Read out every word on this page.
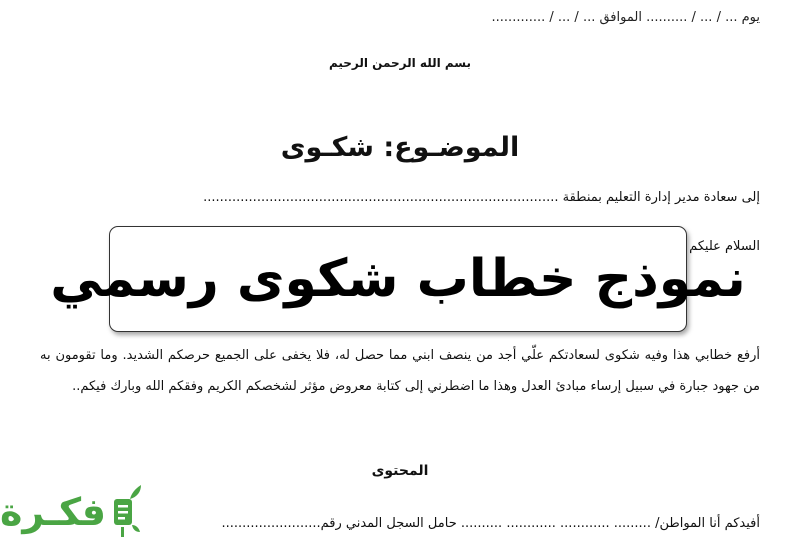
يوم ... / ... / .......... الموافق ... / ... / .............
بسم الله الرحمن الرحيم
الموضـوع: شكـوى
إلى سعادة مدير إدارة التعليم بمنطقة ......................................................................................
السلام عليكم
نموذج خطاب شكوى رسمي
أرفع خطابي هذا وفيه شكوى لسعادتكم علّي أجد من ينصف ابني مما حصل له، فلا يخفى على الجميع حرصكم الشديد. وما تقومون به من جهود جبارة في سبيل إرساء مبادئ العدل وهذا ما اضطرني إلى كتابة معروض مؤثر لشخصكم الكريم وفقكم الله وبارك فيكم..
المحتوى
أفيدكم أنا المواطن/ ......... ............ ............ .......... حامل السجل المدني رقم........................
فكـرة
